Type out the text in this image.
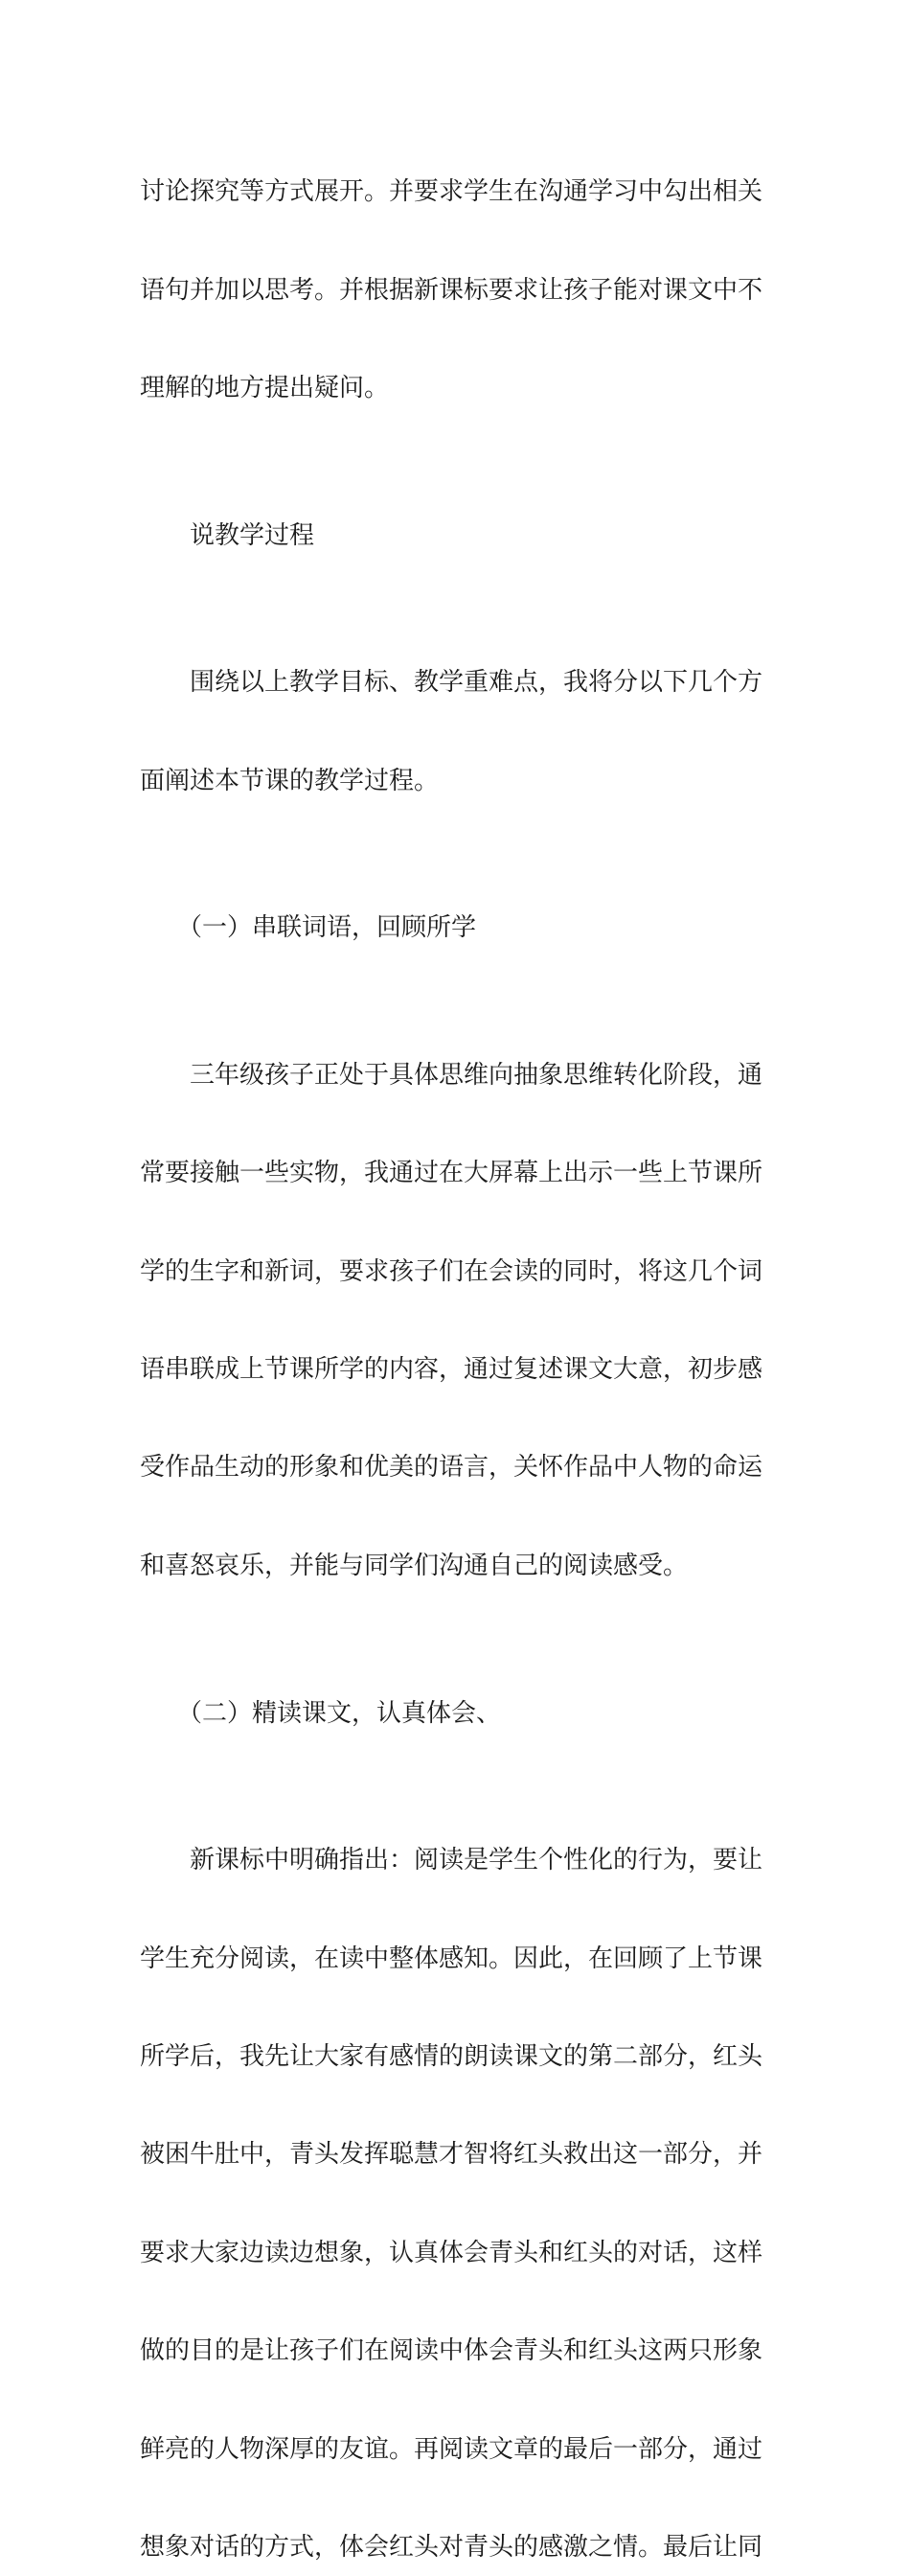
讨论探究等方式展开。并要求学生在沟通学习中勾出相关

语句并加以思考。并根据新课标要求让孩子能对课文中不

理解的地方提出疑问。

　　说教学过程

　　围绕以上教学目标、教学重难点，我将分以下几个方

面阐述本节课的教学过程。

　　（一）串联词语，回顾所学

　　三年级孩子正处于具体思维向抽象思维转化阶段，通

常要接触一些实物，我通过在大屏幕上出示一些上节课所

学的生字和新词，要求孩子们在会读的同时，将这几个词

语串联成上节课所学的内容，通过复述课文大意，初步感

受作品生动的形象和优美的语言，关怀作品中人物的命运

和喜怒哀乐，并能与同学们沟通自己的阅读感受。

　　（二）精读课文，认真体会、

　　新课标中明确指出：阅读是学生个性化的行为，要让

学生充分阅读，在读中整体感知。因此，在回顾了上节课

所学后，我先让大家有感情的朗读课文的第二部分，红头

被困牛肚中，青头发挥聪慧才智将红头救出这一部分，并

要求大家边读边想象，认真体会青头和红头的对话，这样

做的目的是让孩子们在阅读中体会青头和红头这两只形象

鲜亮的人物深厚的友谊。再阅读文章的最后一部分，通过

想象对话的方式，体会红头对青头的感激之情。最后让同
